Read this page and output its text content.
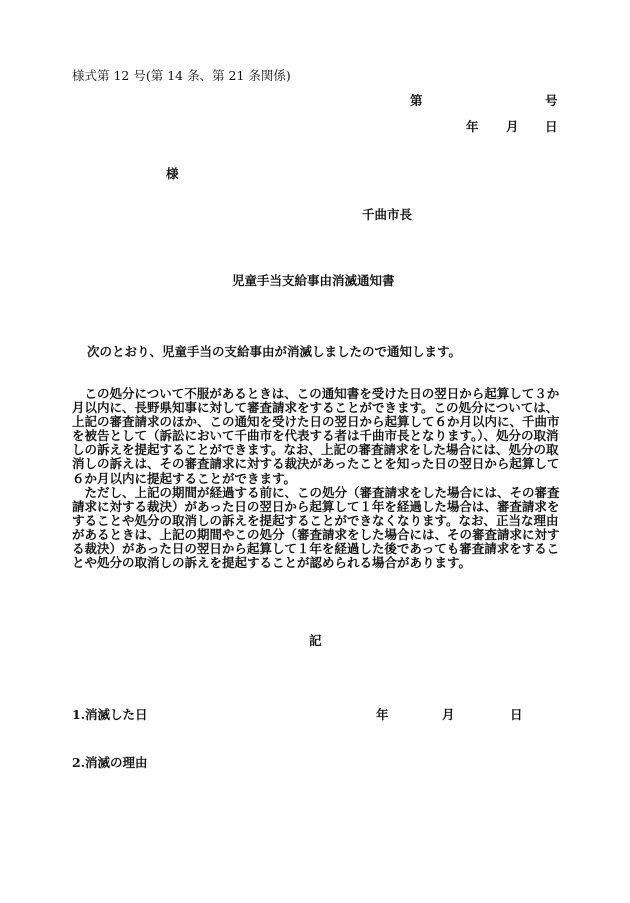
様式第 12 号(第 14 条、第 21 条関係)
第	号
年 月 日
様
千曲市長
児童手当支給事由消滅通知書
次のとおり、児童手当の支給事由が消滅しましたので通知します。

この処分について不服があるときは、この通知書を受けた日の翌日から起算して３か月以内に、長野県知事に対して審査請求をすることができます。この処分については、上記の審査請求のほか、この通知を受けた日の翌日から起算して６か月以内に、千曲市を被告として（訴訟において千曲市を代表する者は千曲市長となります。）、処分の取消しの訴えを提起することができます。なお、上記の審査請求をした場合には、処分の取消しの訴えは、その審査請求に対する裁決があったことを知った日の翌日から起算して６か月以内に提起することができます。

ただし、上記の期間が経過する前に、この処分（審査請求をした場合には、その審査請求に対する裁決）があった日の翌日から起算して１年を経過した場合は、審査請求をすることや処分の取消しの訴えを提起することができなくなります。なお、正当な理由があるときは、上記の期間やこの処分（審査請求をした場合には、その審査請求に対する裁決）があった日の翌日から起算して１年を経過した後であっても審査請求をすることや処分の取消しの訴えを提起することが認められる場合があります。

記
1.消滅した日	年	月	日
2.消滅の理由
